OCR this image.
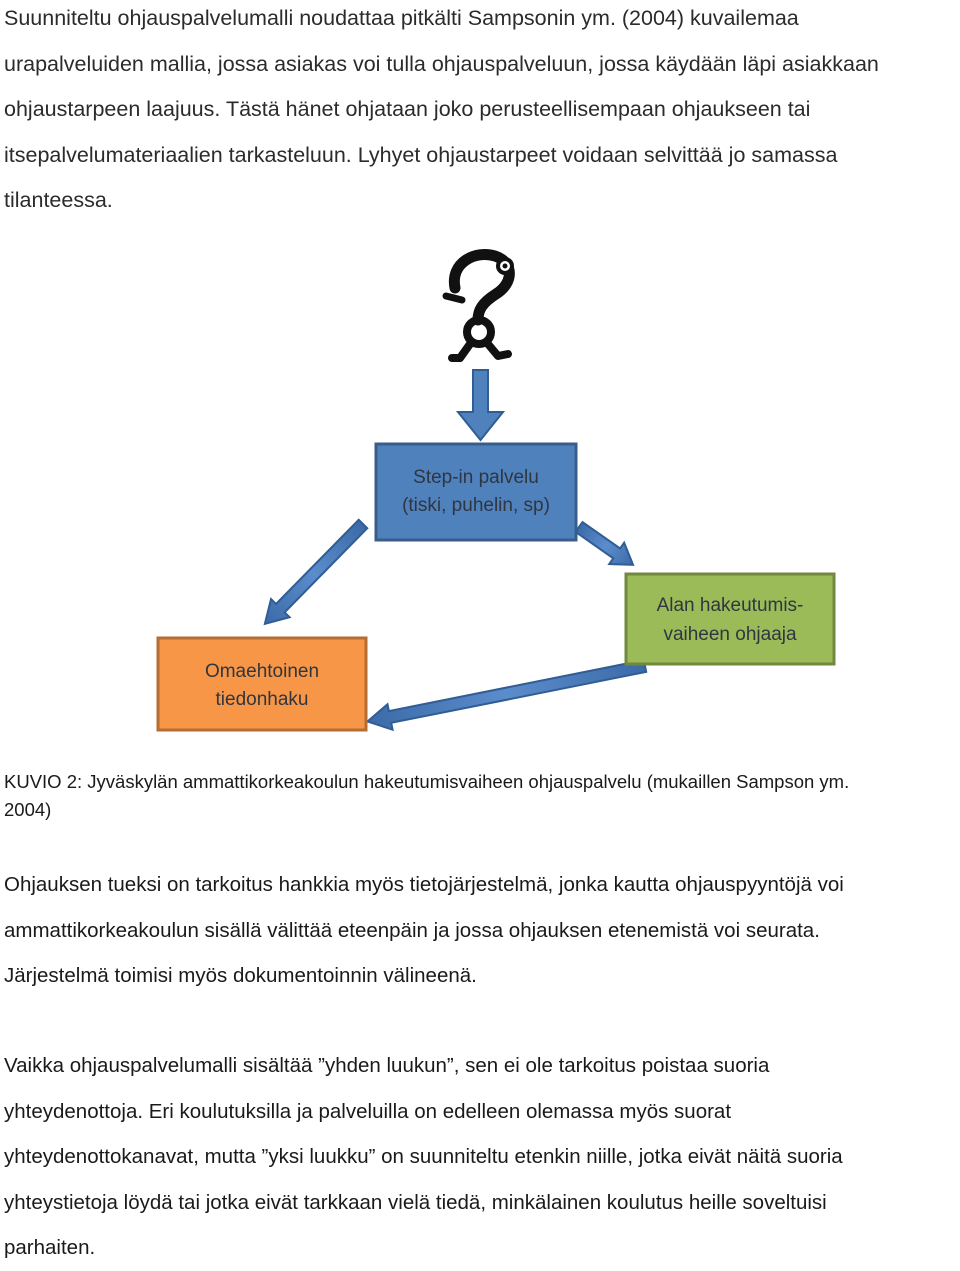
Suunniteltu ohjauspalvelumalli noudattaa pitkälti Sampsonin ym. (2004) kuvailemaa
urapalveluiden mallia, jossa asiakas voi tulla ohjauspalveluun, jossa käydään läpi asiakkaan
ohjaustarpeen laajuus. Tästä hänet ohjataan joko perusteellisempaan ohjaukseen tai
itsepalvelumateriaalien tarkasteluun. Lyhyet ohjaustarpeet voidaan selvittää jo samassa
tilanteessa.

Step-in palvelu
(tiski, puhelin, sp)
Alan hakeutumis-
vaiheen ohjaaja
Omaehtoinen
tiedonhaku

KUVIO 2: Jyväskylän ammattikorkeakoulun hakeutumisvaiheen ohjauspalvelu (mukaillen Sampson ym.
2004)

Ohjauksen tueksi on tarkoitus hankkia myös tietojärjestelmä, jonka kautta ohjauspyyntöjä voi
ammattikorkeakoulun sisällä välittää eteenpäin ja jossa ohjauksen etenemistä voi seurata.
Järjestelmä toimisi myös dokumentoinnin välineenä.

Vaikka ohjauspalvelumalli sisältää ”yhden luukun”, sen ei ole tarkoitus poistaa suoria
yhteydenottoja. Eri koulutuksilla ja palveluilla on edelleen olemassa myös suorat
yhteydenottokanavat, mutta ”yksi luukku” on suunniteltu etenkin niille, jotka eivät näitä suoria
yhteystietoja löydä tai jotka eivät tarkkaan vielä tiedä, minkälainen koulutus heille soveltuisi
parhaiten.
